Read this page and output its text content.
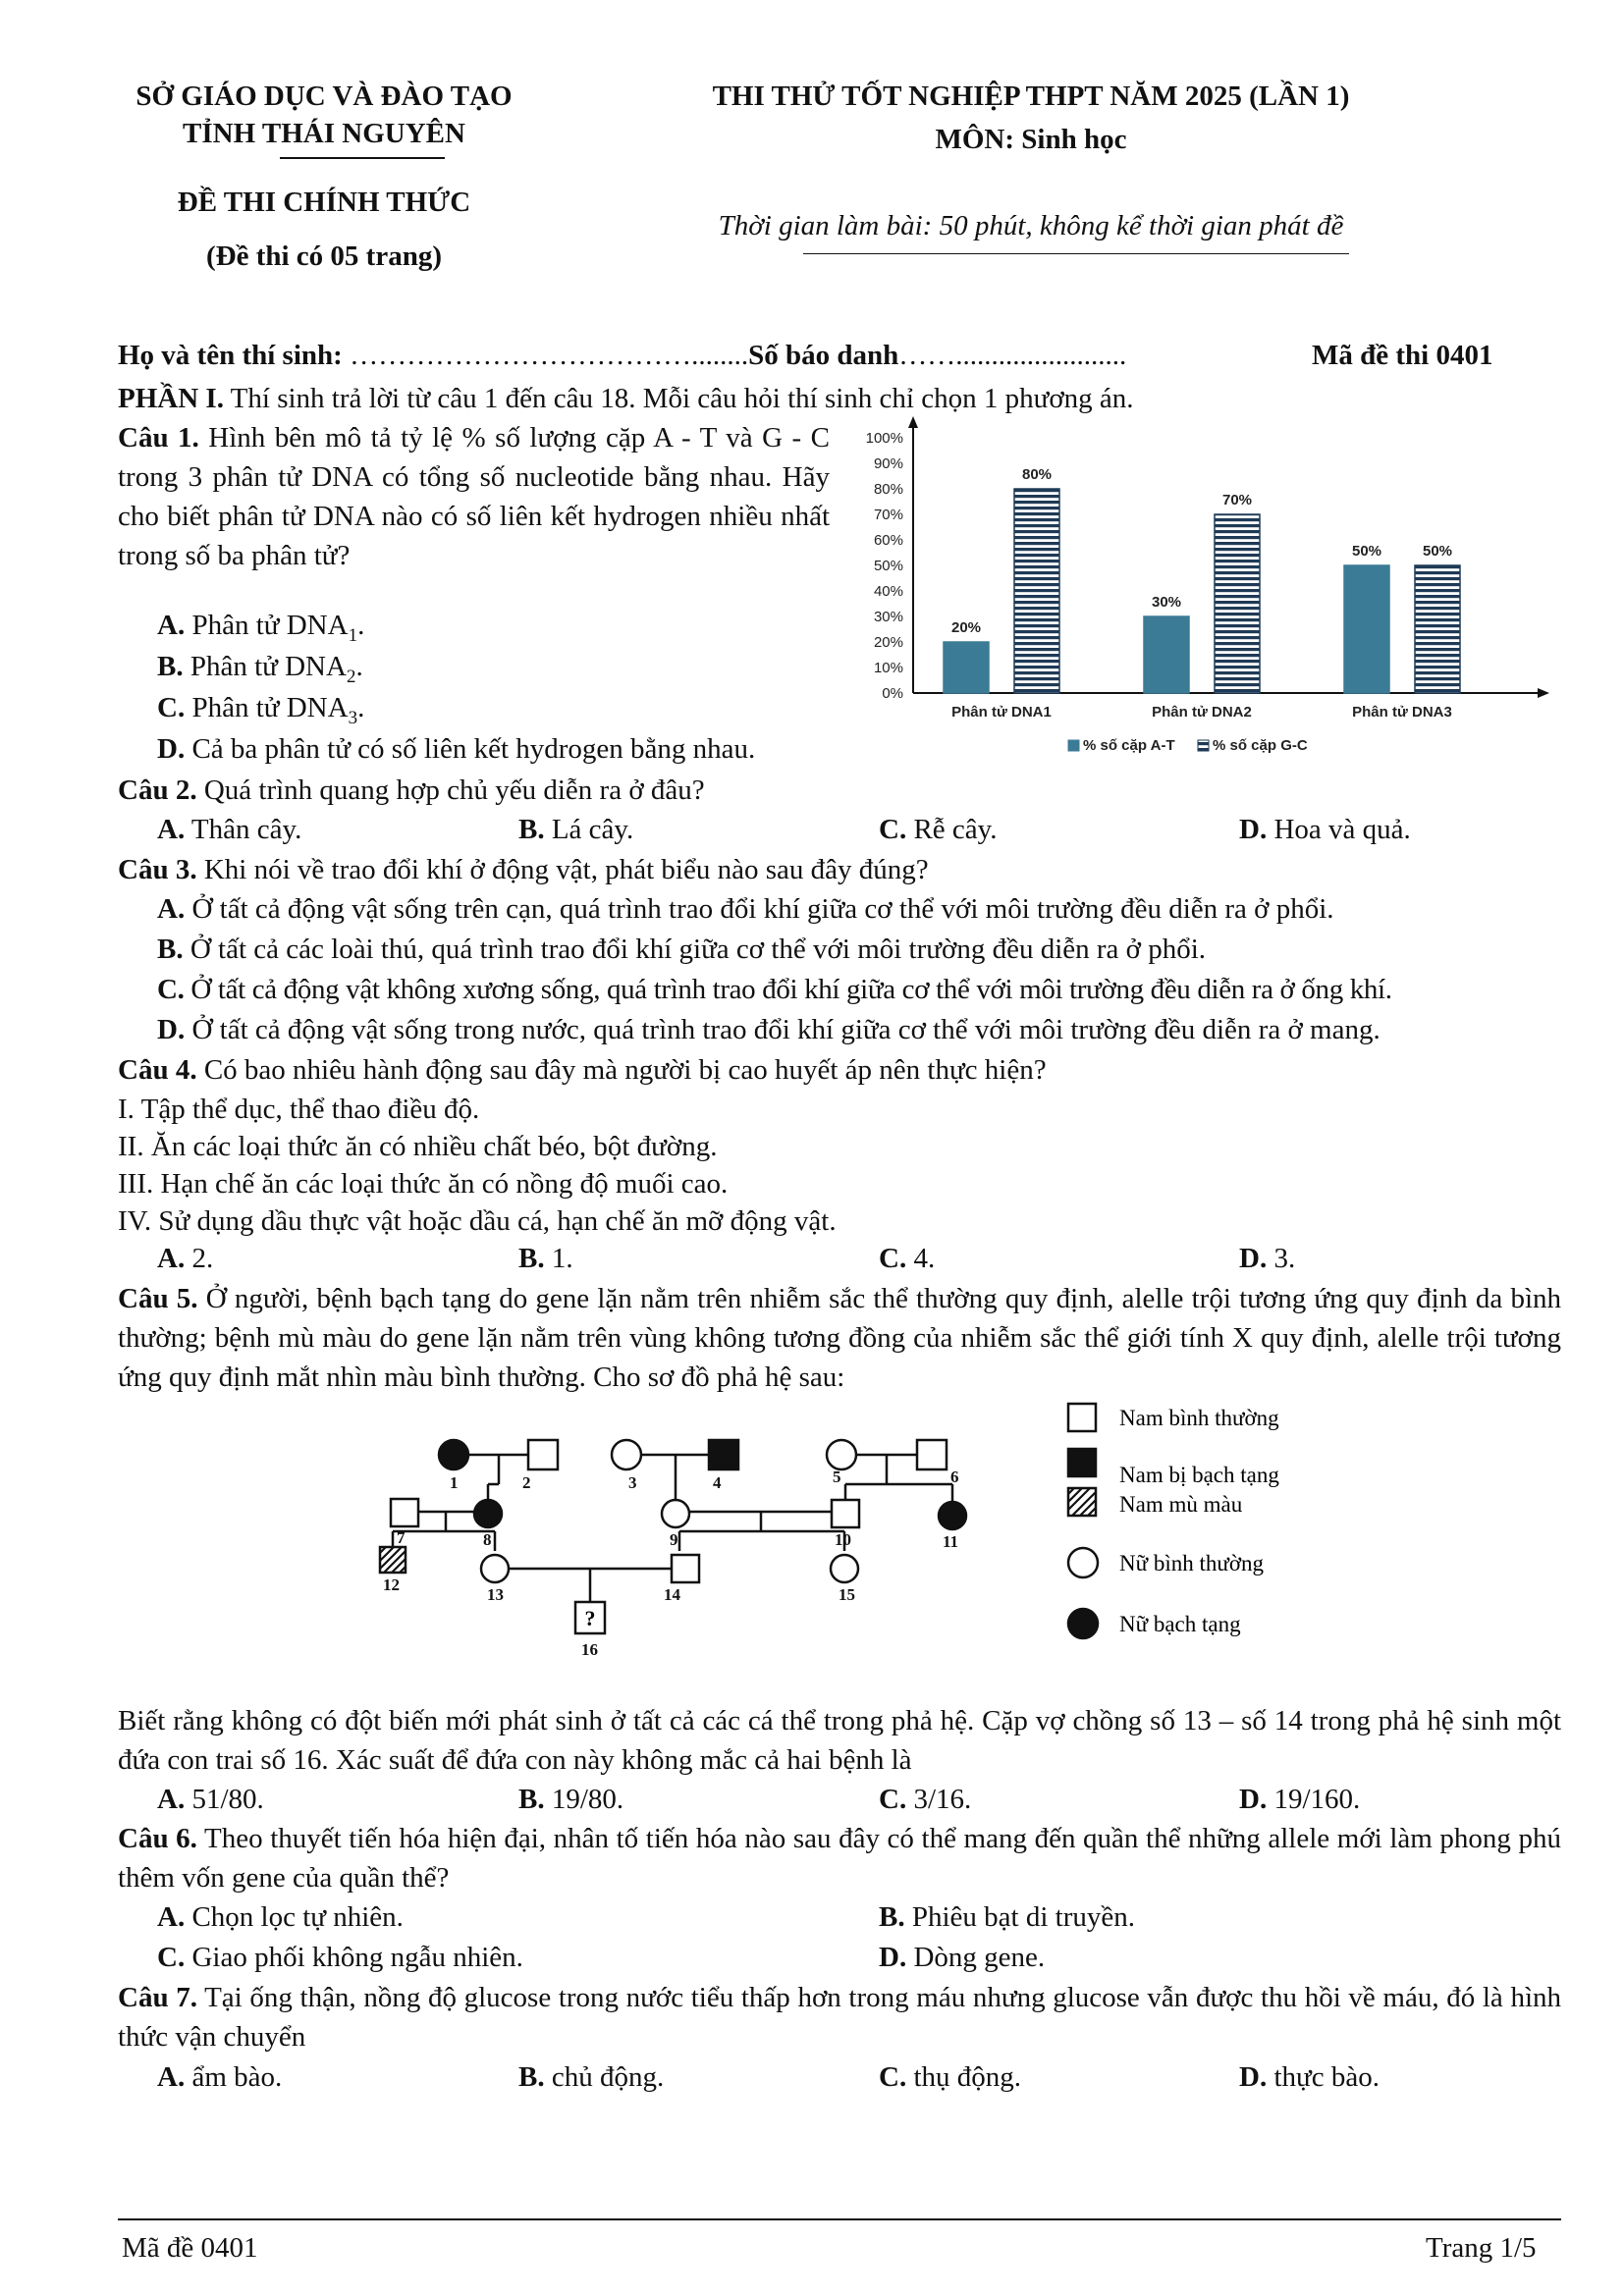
SỞ GIÁO DỤC VÀ ĐÀO TẠO
TỈNH THÁI NGUYÊN
ĐỀ THI CHÍNH THỨC
(Đề thi có 05 trang)
THI THỬ TỐT NGHIỆP THPT NĂM 2025 (LẦN 1)
MÔN: Sinh học
Thời gian làm bài: 50 phút, không kể thời gian phát đề
Họ và tên thí sinh: ………………………………........Số báo danh……........................	Mã đề thi 0401
PHẦN I. Thí sinh trả lời từ câu 1 đến câu 18. Mỗi câu hỏi thí sinh chỉ chọn 1 phương án.
Câu 1. Hình bên mô tả tỷ lệ % số lượng cặp A - T và G - C trong 3 phân tử DNA có tổng số nucleotide bằng nhau. Hãy cho biết phân tử DNA nào có số liên kết hydrogen nhiều nhất trong số ba phân tử?
A. Phân tử $DNA_1$.
B. Phân tử $DNA_2$.
C. Phân tử $DNA_3$.
D. Cả ba phân tử có số liên kết hydrogen bằng nhau.
0%
10%
20%
30%
40%
50%
60%
70%
80%
90%
100%
20%
80%
Phân tử DNA1
30%
70%
Phân tử DNA2
50%	50%
Phân tử DNA3
% số cặp A-T	% số cặp G-C
Câu 2. Quá trình quang hợp chủ yếu diễn ra ở đâu?
A. Thân cây.	B. Lá cây.	C. Rễ cây.	D. Hoa và quả.
Câu 3. Khi nói về trao đổi khí ở động vật, phát biểu nào sau đây đúng?
A. Ở tất cả động vật sống trên cạn, quá trình trao đổi khí giữa cơ thể với môi trường đều diễn ra ở phổi.
B. Ở tất cả các loài thú, quá trình trao đổi khí giữa cơ thể với môi trường đều diễn ra ở phổi.
C. Ở tất cả động vật không xương sống, quá trình trao đổi khí giữa cơ thể với môi trường đều diễn ra ở ống khí.
D. Ở tất cả động vật sống trong nước, quá trình trao đổi khí giữa cơ thể với môi trường đều diễn ra ở mang.
Câu 4. Có bao nhiêu hành động sau đây mà người bị cao huyết áp nên thực hiện?
I. Tập thể dục, thể thao điều độ.
II. Ăn các loại thức ăn có nhiều chất béo, bột đường.
III. Hạn chế ăn các loại thức ăn có nồng độ muối cao.
IV. Sử dụng dầu thực vật hoặc dầu cá, hạn chế ăn mỡ động vật.
A. 2.	B. 1.	C. 4.	D. 3.
Câu 5. Ở người, bệnh bạch tạng do gene lặn nằm trên nhiễm sắc thể thường quy định, alelle trội tương ứng quy định da bình thường; bệnh mù màu do gene lặn nằm trên vùng không tương đồng của nhiễm sắc thể giới tính X quy định, alelle trội tương ứng quy định mắt nhìn màu bình thường. Cho sơ đồ phả hệ sau:
?
1	2	3	4	5	6
7	8	9	10	11
12
13	14	15
16
Nam bình thường
Nam bị bạch tạng
Nam mù màu
Nữ bình thường
Nữ bạch tạng
Biết rằng không có đột biến mới phát sinh ở tất cả các cá thể trong phả hệ. Cặp vợ chồng số 13 – số 14 trong phả hệ sinh một đứa con trai số 16. Xác suất để đứa con này không mắc cả hai bệnh là
A. 51/80.	B. 19/80.	C. 3/16.	D. 19/160.
Câu 6. Theo thuyết tiến hóa hiện đại, nhân tố tiến hóa nào sau đây có thể mang đến quần thể những allele mới làm phong phú thêm vốn gene của quần thể?
A. Chọn lọc tự nhiên.	B. Phiêu bạt di truyền.
C. Giao phối không ngẫu nhiên.	D. Dòng gene.
Câu 7. Tại ống thận, nồng độ glucose trong nước tiểu thấp hơn trong máu nhưng glucose vẫn được thu hồi về máu, đó là hình thức vận chuyển
A. ẩm bào.	B. chủ động.	C. thụ động.	D. thực bào.
Mã đề 0401	Trang 1/5
